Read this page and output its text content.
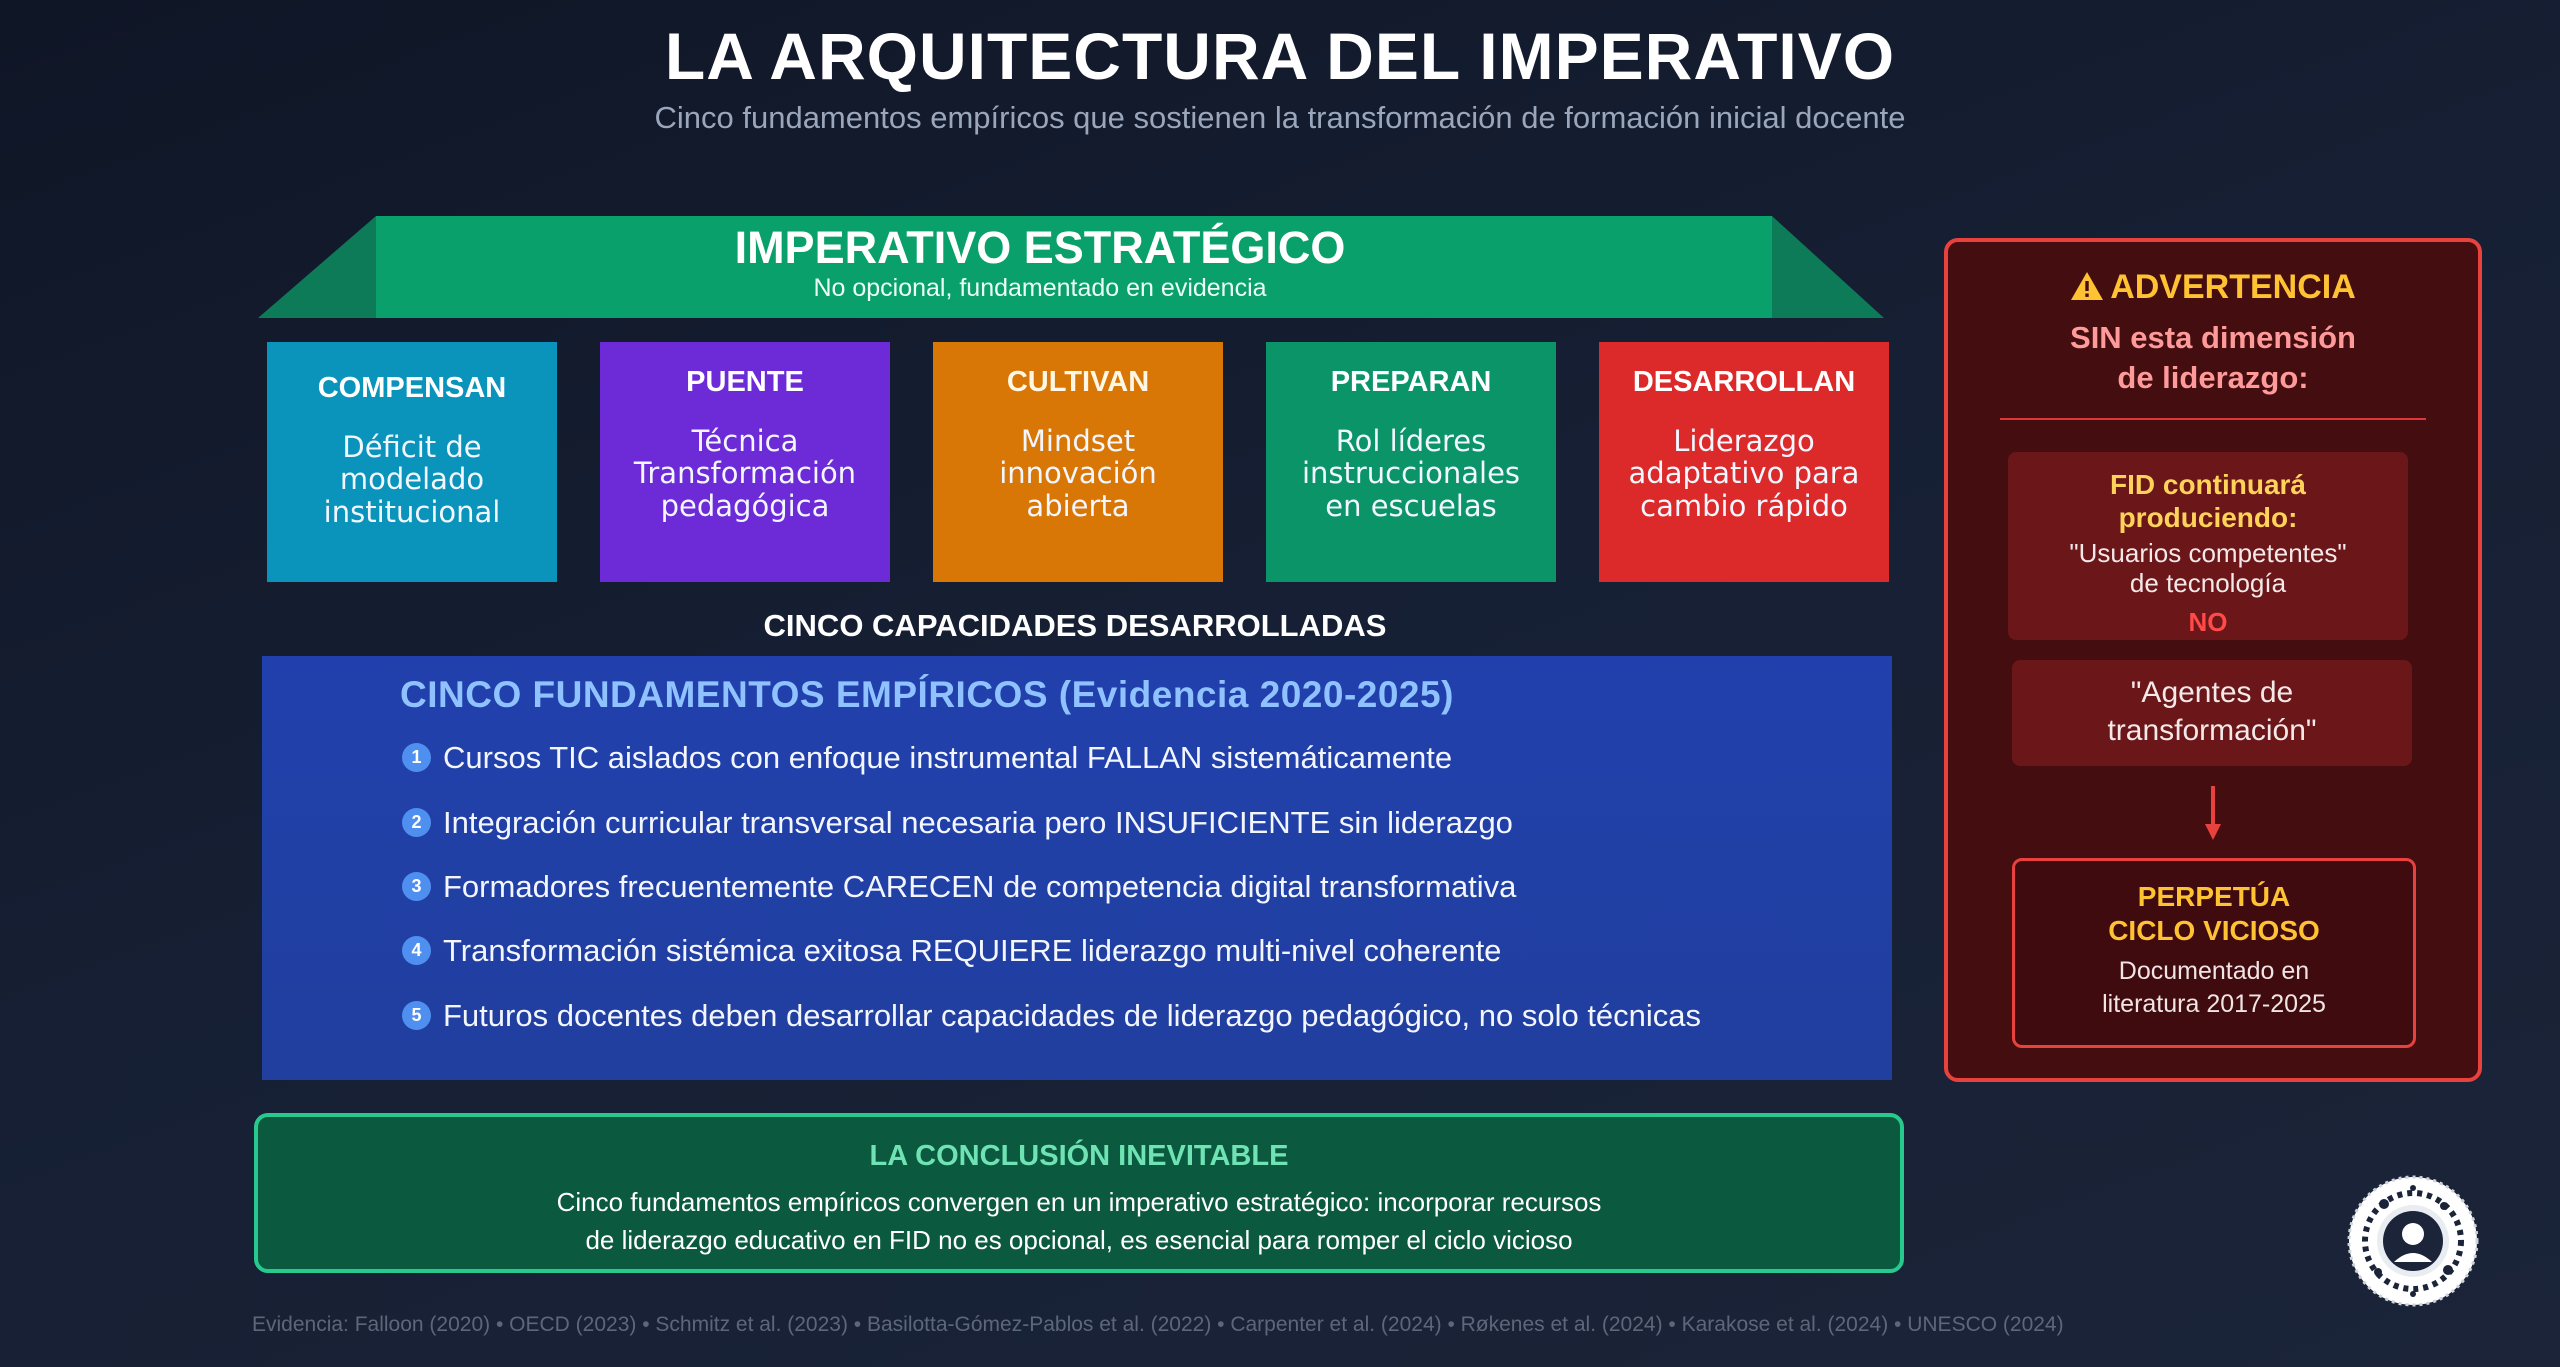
LA ARQUITECTURA DEL IMPERATIVO
Cinco fundamentos empíricos que sostienen la transformación de formación inicial docente
IMPERATIVO ESTRATÉGICO
No opcional, fundamentado en evidencia
COMPENSAN
Déficit de modelado institucional
PUENTE
Técnica Transformación pedagógica
CULTIVAN
Mindset innovación abierta
PREPARAN
Rol líderes instruccionales en escuelas
DESARROLLAN
Liderazgo adaptativo para cambio rápido
CINCO CAPACIDADES DESARROLLADAS
CINCO FUNDAMENTOS EMPÍRICOS (Evidencia 2020-2025)
1 Cursos TIC aislados con enfoque instrumental FALLAN sistemáticamente
2 Integración curricular transversal necesaria pero INSUFICIENTE sin liderazgo
3 Formadores frecuentemente CARECEN de competencia digital transformativa
4 Transformación sistémica exitosa REQUIERE liderazgo multi-nivel coherente
5 Futuros docentes deben desarrollar capacidades de liderazgo pedagógico, no solo técnicas
LA CONCLUSIÓN INEVITABLE
Cinco fundamentos empíricos convergen en un imperativo estratégico: incorporar recursos
de liderazgo educativo en FID no es opcional, es esencial para romper el ciclo vicioso
Evidencia: Falloon (2020) • OECD (2023) • Schmitz et al. (2023) • Basilotta-Gómez-Pablos et al. (2022) • Carpenter et al. (2024) • Røkenes et al. (2024) • Karakose et al. (2024) • UNESCO (2024)
ADVERTENCIA
SIN esta dimensión
de liderazgo:
FID continuará
produciendo:
"Usuarios competentes"
de tecnología
NO
"Agentes de
transformación"
PERPETÚA
CICLO VICIOSO
Documentado en
literatura 2017-2025
